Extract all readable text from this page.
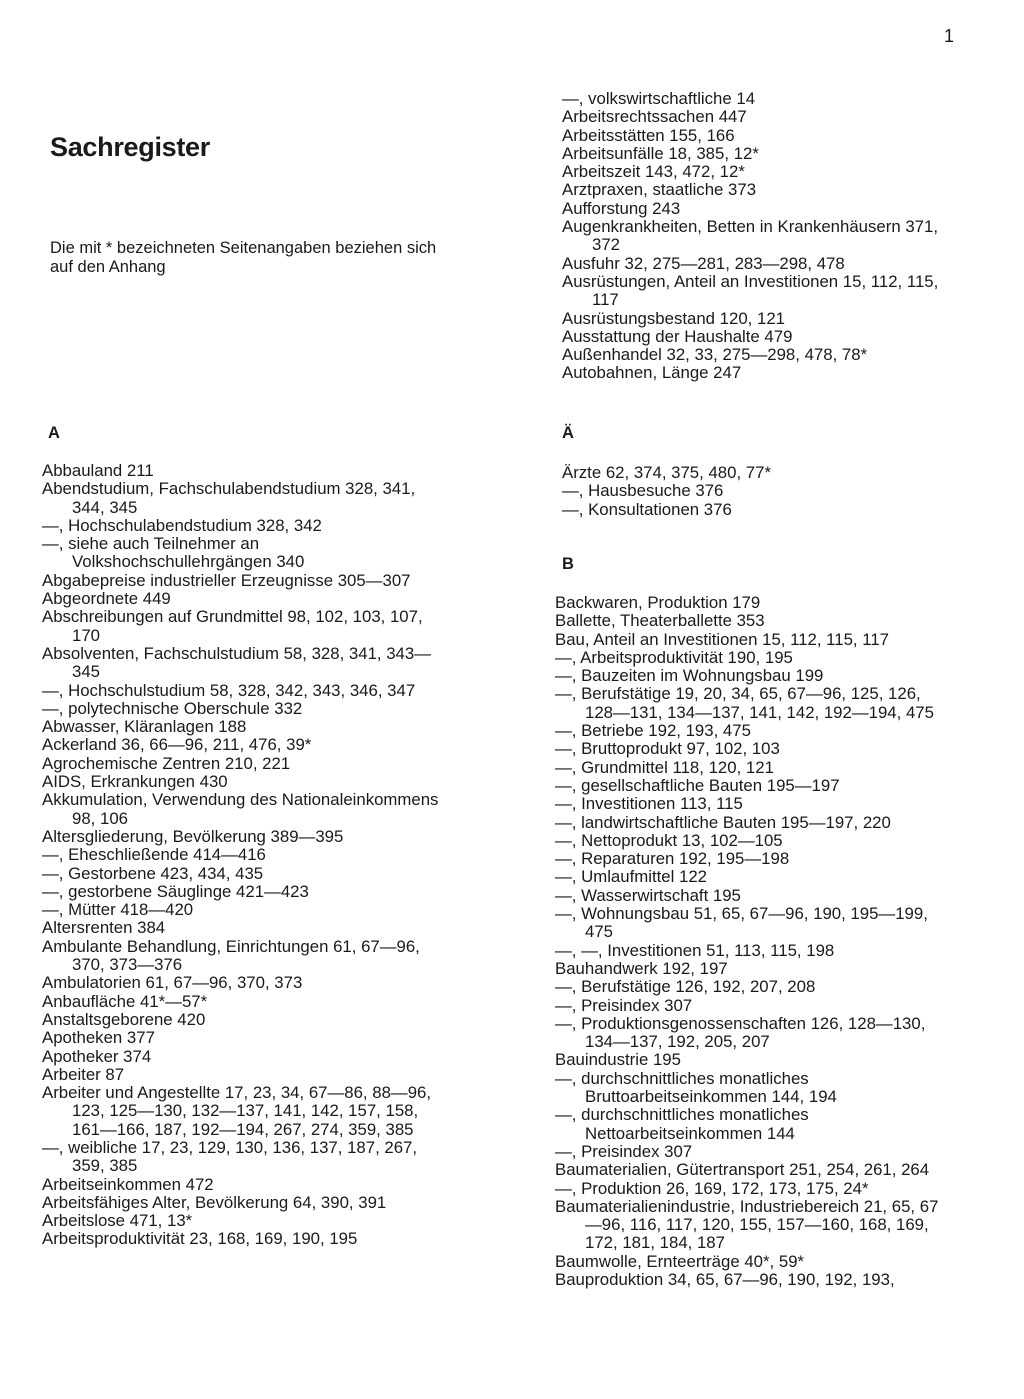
1
Sachregister
Die mit * bezeichneten Seitenangaben beziehen sich auf den Anhang
—, volkswirtschaftliche 14
Arbeitsrechtssachen 447
Arbeitsstätten 155, 166
Arbeitsunfälle 18, 385, 12*
Arbeitszeit 143, 472, 12*
Arztpraxen, staatliche 373
Aufforstung 243
Augenkrankheiten, Betten in Krankenhäusern 371, 372
Ausfuhr 32, 275—281, 283—298, 478
Ausrüstungen, Anteil an Investitionen 15, 112, 115, 117
Ausrüstungsbestand 120, 121
Ausstattung der Haushalte 479
Außenhandel 32, 33, 275—298, 478, 78*
Autobahnen, Länge 247
A
Abbauland 211
Abendstudium, Fachschulabendstudium 328, 341, 344, 345
—, Hochschulabendstudium 328, 342
—, siehe auch Teilnehmer an Volkshochschullehrgängen 340
Abgabepreise industrieller Erzeugnisse 305—307
Abgeordnete 449
Abschreibungen auf Grundmittel 98, 102, 103, 107, 170
Absolventen, Fachschulstudium 58, 328, 341, 343—345
—, Hochschulstudium 58, 328, 342, 343, 346, 347
—, polytechnische Oberschule 332
Abwasser, Kläranlagen 188
Ackerland 36, 66—96, 211, 476, 39*
Agrochemische Zentren 210, 221
AIDS, Erkrankungen 430
Akkumulation, Verwendung des Nationaleinkommens 98, 106
Altersgliederung, Bevölkerung 389—395
—, Eheschließende 414—416
—, Gestorbene 423, 434, 435
—, gestorbene Säuglinge 421—423
—, Mütter 418—420
Altersrenten 384
Ambulante Behandlung, Einrichtungen 61, 67—96, 370, 373—376
Ambulatorien 61, 67—96, 370, 373
Anbaufläche 41*—57*
Anstaltsgeborene 420
Apotheken 377
Apotheker 374
Arbeiter 87
Arbeiter und Angestellte 17, 23, 34, 67—86, 88—96, 123, 125—130, 132—137, 141, 142, 157, 158, 161—166, 187, 192—194, 267, 274, 359, 385
—, weibliche 17, 23, 129, 130, 136, 137, 187, 267, 359, 385
Arbeitseinkommen 472
Arbeitsfähiges Alter, Bevölkerung 64, 390, 391
Arbeitslose 471, 13*
Arbeitsproduktivität 23, 168, 169, 190, 195
Ä
Ärzte 62, 374, 375, 480, 77*
—, Hausbesuche 376
—, Konsultationen 376
B
Backwaren, Produktion 179
Ballette, Theaterballette 353
Bau, Anteil an Investitionen 15, 112, 115, 117
—, Arbeitsproduktivität 190, 195
—, Bauzeiten im Wohnungsbau 199
—, Berufstätige 19, 20, 34, 65, 67—96, 125, 126, 128—131, 134—137, 141, 142, 192—194, 475
—, Betriebe 192, 193, 475
—, Bruttoprodukt 97, 102, 103
—, Grundmittel 118, 120, 121
—, gesellschaftliche Bauten 195—197
—, Investitionen 113, 115
—, landwirtschaftliche Bauten 195—197, 220
—, Nettoprodukt 13, 102—105
—, Reparaturen 192, 195—198
—, Umlaufmittel 122
—, Wasserwirtschaft 195
—, Wohnungsbau 51, 65, 67—96, 190, 195—199, 475
—, —, Investitionen 51, 113, 115, 198
Bauhandwerk 192, 197
—, Berufstätige 126, 192, 207, 208
—, Preisindex 307
—, Produktionsgenossenschaften 126, 128—130, 134—137, 192, 205, 207
Bauindustrie 195
—, durchschnittliches monatliches Bruttoarbeitseinkommen 144, 194
—, durchschnittliches monatliches Nettoarbeitseinkommen 144
—, Preisindex 307
Baumaterialien, Gütertransport 251, 254, 261, 264
—, Produktion 26, 169, 172, 173, 175, 24*
Baumaterialienindustrie, Industriebereich 21, 65, 67—96, 116, 117, 120, 155, 157—160, 168, 169, 172, 181, 184, 187
Baumwolle, Ernteerträge 40*, 59*
Bauproduktion 34, 65, 67—96, 190, 192, 193,
